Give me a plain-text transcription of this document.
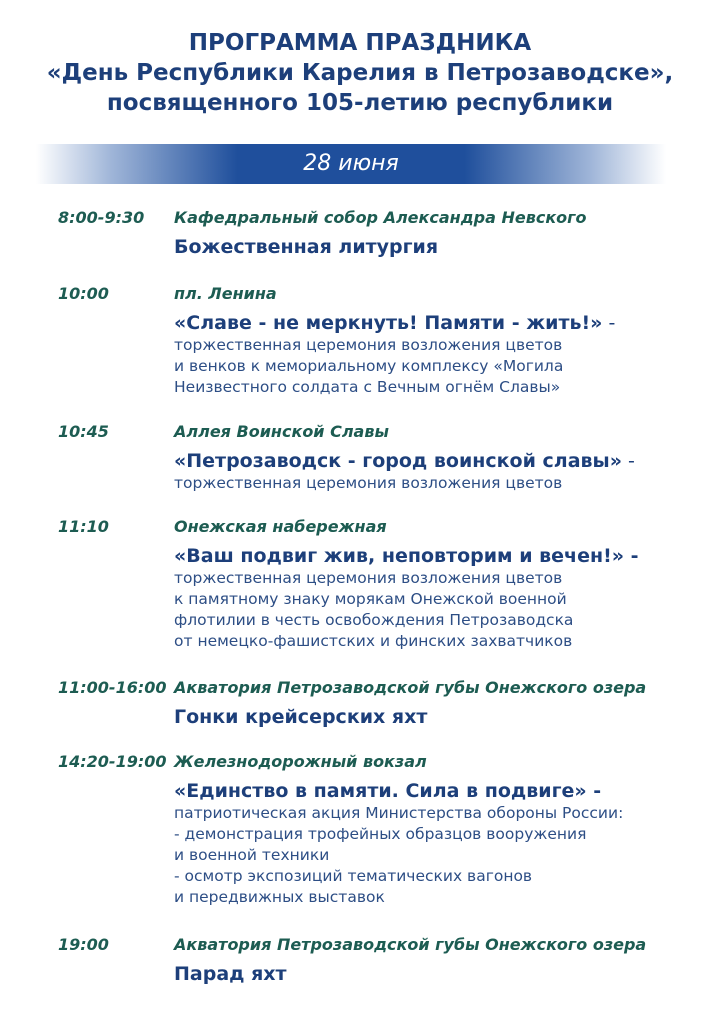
ПРОГРАММА ПРАЗДНИКА
«День Республики Карелия в Петрозаводске»,
посвященного 105-летию республики
28 июня
8:00-9:30 Кафедральный собор Александра Невского
Божественная литургия
10:00	пл. Ленина
«Славе - не меркнуть! Памяти - жить!» -
торжественная церемония возложения цветов
и венков к мемориальному комплексу «Могила
Неизвестного солдата с Вечным огнём Славы»
10:45	Аллея Воинской Славы
«Петрозаводск - город воинской славы» -
торжественная церемония возложения цветов
11:10	Онежская набережная
«Ваш подвиг жив, неповторим и вечен!» -
торжественная церемония возложения цветов
к памятному знаку морякам Онежской военной
флотилии в честь освобождения Петрозаводска
от немецко-фашистских и финских захватчиков
11:00-16:00 Акватория Петрозаводской губы Онежского озера
Гонки крейсерских яхт
14:20-19:00 Железнодорожный вокзал
«Единство в памяти. Сила в подвиге» -
патриотическая акция Министерства обороны России:
- демонстрация трофейных образцов вооружения
и военной техники
- осмотр экспозиций тематических вагонов
и передвижных выставок
19:00	Акватория Петрозаводской губы Онежского озера
Парад яхт
